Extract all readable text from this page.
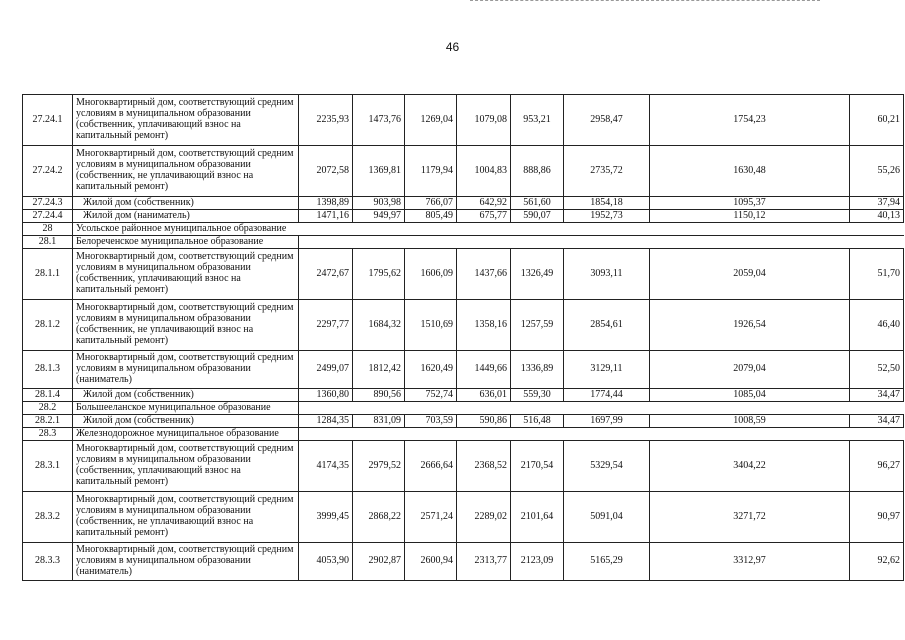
46
27.24.1	Многоквартирный дом, соответствующий средним условиям в муниципальном образовании (собственник, уплачивающий взнос на капитальный ремонт)	2235,93	1473,76	1269,04	1079,08	953,21	2958,47	1754,23	60,21
27.24.2	Многоквартирный дом, соответствующий средним условиям в муниципальном образовании (собственник, не уплачивающий взнос на капитальный ремонт)	2072,58	1369,81	1179,94	1004,83	888,86	2735,72	1630,48	55,26
27.24.3	Жилой дом (собственник)	1398,89	903,98	766,07	642,92	561,60	1854,18	1095,37	37,94
27.24.4	Жилой дом (наниматель)	1471,16	949,97	805,49	675,77	590,07	1952,73	1150,12	40,13
28	Усольское районное муниципальное образование								
28.1	Белореченское муниципальное образование								
28.1.1	Многоквартирный дом, соответствующий средним условиям в муниципальном образовании (собственник, уплачивающий взнос на капитальный ремонт)	2472,67	1795,62	1606,09	1437,66	1326,49	3093,11	2059,04	51,70
28.1.2	Многоквартирный дом, соответствующий средним условиям в муниципальном образовании (собственник, не уплачивающий взнос на капитальный ремонт)	2297,77	1684,32	1510,69	1358,16	1257,59	2854,61	1926,54	46,40
28.1.3	Многоквартирный дом, соответствующий средним условиям в муниципальном образовании (наниматель)	2499,07	1812,42	1620,49	1449,66	1336,89	3129,11	2079,04	52,50
28.1.4	Жилой дом (собственник)	1360,80	890,56	752,74	636,01	559,30	1774,44	1085,04	34,47
28.2	Большееланское муниципальное образование								
28.2.1	Жилой дом (собственник)	1284,35	831,09	703,59	590,86	516,48	1697,99	1008,59	34,47
28.3	Железнодорожное муниципальное образование								
28.3.1	Многоквартирный дом, соответствующий средним условиям в муниципальном образовании (собственник, уплачивающий взнос на капитальный ремонт)	4174,35	2979,52	2666,64	2368,52	2170,54	5329,54	3404,22	96,27
28.3.2	Многоквартирный дом, соответствующий средним условиям в муниципальном образовании (собственник, не уплачивающий взнос на капитальный ремонт)	3999,45	2868,22	2571,24	2289,02	2101,64	5091,04	3271,72	90,97
28.3.3	Многоквартирный дом, соответствующий средним условиям в муниципальном образовании (наниматель)	4053,90	2902,87	2600,94	2313,77	2123,09	5165,29	3312,97	92,62
